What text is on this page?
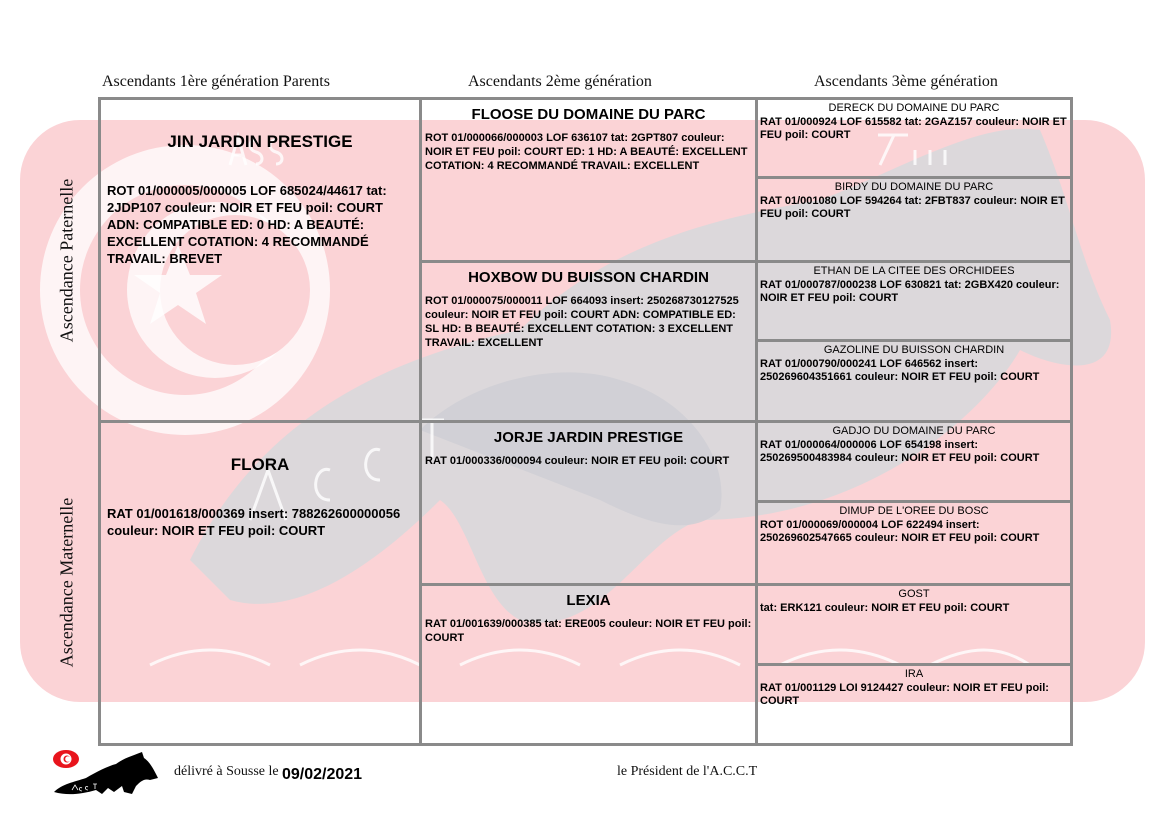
Ascendants 1ère génération Parents	Ascendants 2ème génération	Ascendants 3ème génération
Ascendance Paternelle
Ascendance Maternelle
JIN JARDIN PRESTIGE
ROT 01/000005/000005 LOF 685024/44617 tat: 2JDP107 couleur: NOIR ET FEU poil: COURT ADN: COMPATIBLE ED: 0 HD: A BEAUTÉ: EXCELLENT COTATION: 4 RECOMMANDÉ TRAVAIL: BREVET
FLORA
RAT 01/001618/000369 insert: 788262600000056 couleur: NOIR ET FEU poil: COURT
FLOOSE DU DOMAINE DU PARC
ROT 01/000066/000003 LOF 636107 tat: 2GPT807 couleur: NOIR ET FEU poil: COURT ED: 1 HD: A BEAUTÉ: EXCELLENT COTATION: 4 RECOMMANDÉ TRAVAIL: EXCELLENT
HOXBOW DU BUISSON CHARDIN
ROT 01/000075/000011 LOF 664093 insert: 250268730127525 couleur: NOIR ET FEU poil: COURT ADN: COMPATIBLE ED: SL HD: B BEAUTÉ: EXCELLENT COTATION: 3 EXCELLENT TRAVAIL: EXCELLENT
JORJE JARDIN PRESTIGE
RAT 01/000336/000094 couleur: NOIR ET FEU poil: COURT
LEXIA
RAT 01/001639/000385 tat: ERE005 couleur: NOIR ET FEU poil: COURT
DERECK DU DOMAINE DU PARC
RAT 01/000924 LOF 615582 tat: 2GAZ157 couleur: NOIR ET FEU poil: COURT
BIRDY DU DOMAINE DU PARC
RAT 01/001080 LOF 594264 tat: 2FBT837 couleur: NOIR ET FEU poil: COURT
ETHAN DE LA CITEE DES ORCHIDEES
RAT 01/000787/000238 LOF 630821 tat: 2GBX420 couleur: NOIR ET FEU poil: COURT
GAZOLINE DU BUISSON CHARDIN
RAT 01/000790/000241 LOF 646562 insert: 250269604351661 couleur: NOIR ET FEU poil: COURT
GADJO DU DOMAINE DU PARC
RAT 01/000064/000006 LOF 654198 insert: 250269500483984 couleur: NOIR ET FEU poil: COURT
DIMUP DE L'OREE DU BOSC
ROT 01/000069/000004 LOF 622494 insert: 250269602547665 couleur: NOIR ET FEU poil: COURT
GOST
tat: ERK121 couleur: NOIR ET FEU poil: COURT
IRA
RAT 01/001129 LOI 9124427 couleur: NOIR ET FEU poil: COURT
délivré à Sousse le :
09/02/2021	le Président de l'A.C.C.T
